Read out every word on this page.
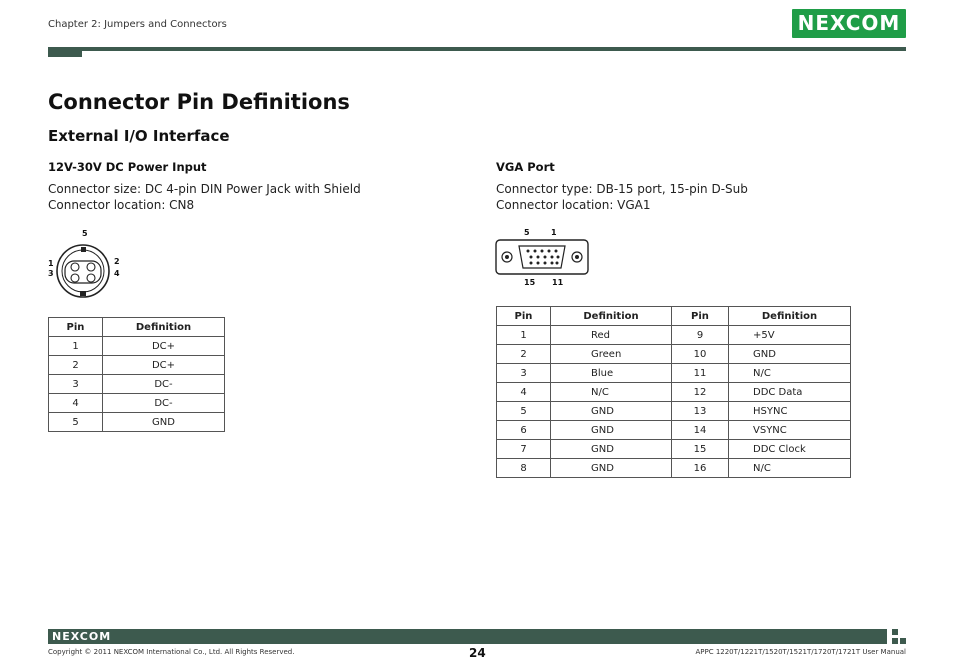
Chapter 2: Jumpers and Connectors	NEXCOM
Connector Pin Definitions
External I/O Interface
12V-30V DC Power Input
Connector size: DC 4-pin DIN Power Jack with Shield
Connector location: CN8
5
1
3
2
4
Pin	Definition
1	DC+
2	DC+
3	DC-
4	DC-
5	GND
VGA Port
Connector type: DB-15 port, 15-pin D-Sub
Connector location: VGA1
5	1
15 11
Pin	Definition	Pin	Definition
1	Red	9	+5V
2	Green	10	GND
3	Blue	11	N/C
4	N/C	12	DDC Data
5	GND	13	HSYNC
6	GND	14	VSYNC
7	GND	15	DDC Clock
8	GND	16	N/C
NEXCOM
Copyright © 2011 NEXCOM International Co., Ltd. All Rights Reserved.	24	APPC 1220T/1221T/1520T/1521T/1720T/1721T User Manual
